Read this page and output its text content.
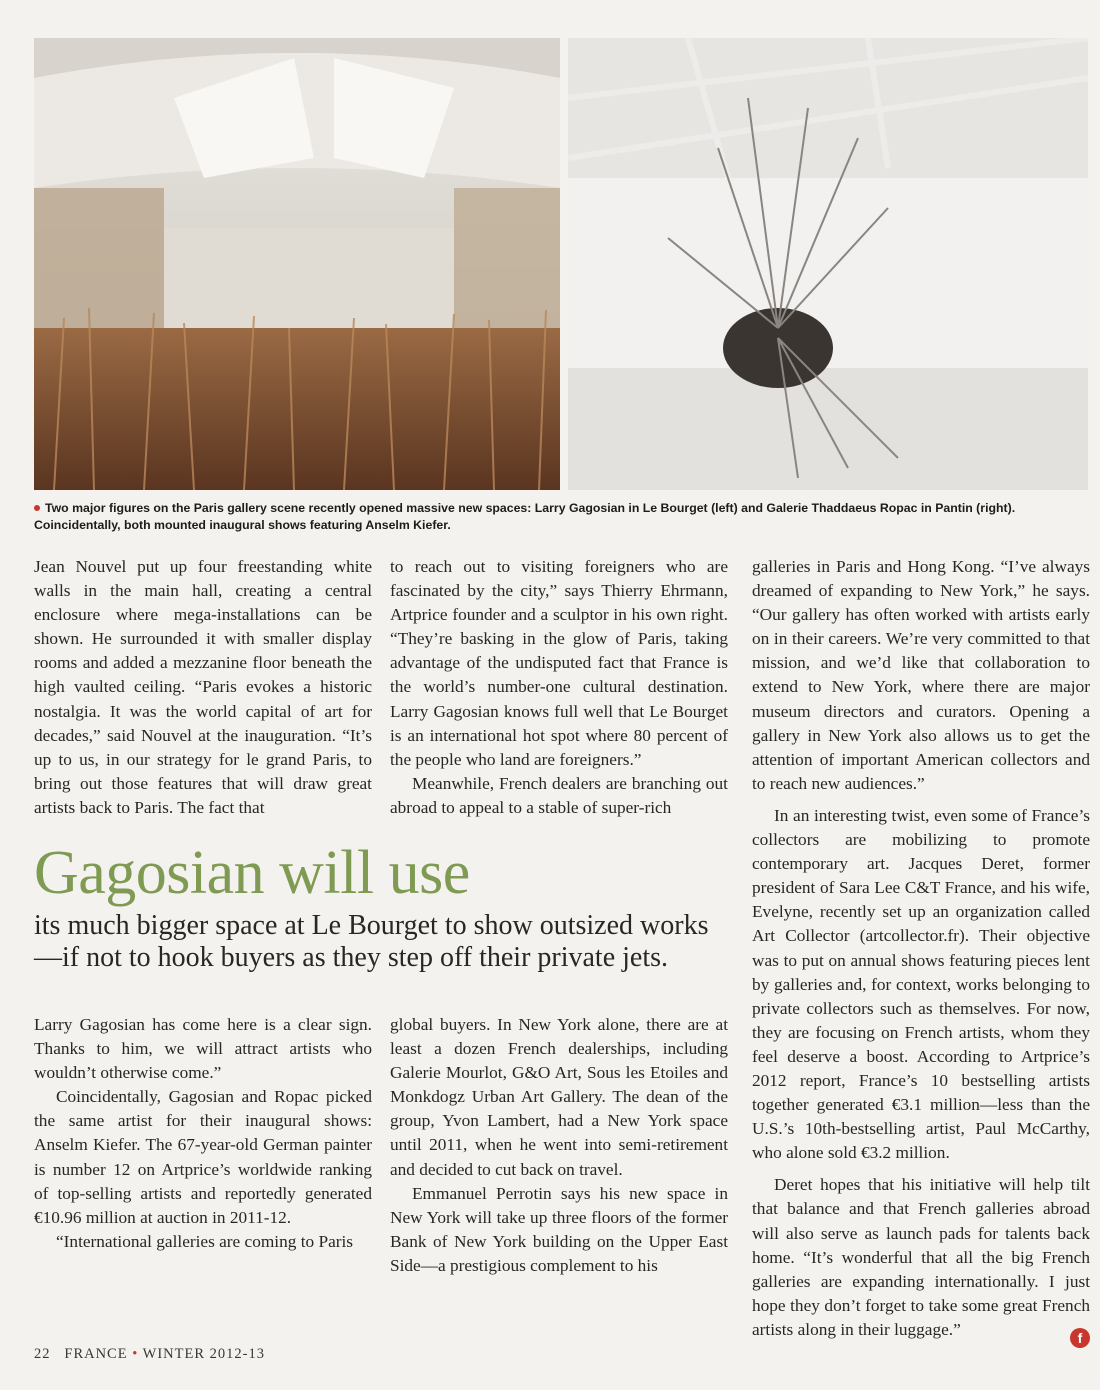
Two major figures on the Paris gallery scene recently opened massive new spaces: Larry Gagosian in Le Bourget (left) and Galerie Thaddaeus Ropac in Pantin (right). Coincidentally, both mounted inaugural shows featuring Anselm Kiefer.

Jean Nouvel put up four freestanding white walls in the main hall, creating a central enclosure where mega-installations can be shown. He surrounded it with smaller display rooms and added a mezzanine floor beneath the high vaulted ceiling. “Paris evokes a historic nostalgia. It was the world capital of art for decades,” said Nouvel at the inauguration. “It’s up to us, in our strategy for le grand Paris, to bring out those features that will draw great artists back to Paris. The fact that

Gagosian will use
its much bigger space at Le Bourget to show outsized works—if not to hook buyers as they step off their private jets.

Larry Gagosian has come here is a clear sign. Thanks to him, we will attract artists who wouldn’t otherwise come.”

Coincidentally, Gagosian and Ropac picked the same artist for their inaugural shows: Anselm Kiefer. The 67-year-old German painter is number 12 on Artprice’s worldwide ranking of top-selling artists and reportedly generated €10.96 million at auction in 2011-12.

“International galleries are coming to Paris

to reach out to visiting foreigners who are fascinated by the city,” says Thierry Ehrmann, Artprice founder and a sculptor in his own right. “They’re basking in the glow of Paris, taking advantage of the undisputed fact that France is the world’s number-one cultural destination. Larry Gagosian knows full well that Le Bourget is an international hot spot where 80 percent of the people who land are foreigners.”

Meanwhile, French dealers are branching out abroad to appeal to a stable of super-rich

global buyers. In New York alone, there are at least a dozen French dealerships, including Galerie Mourlot, G&O Art, Sous les Etoiles and Monkdogz Urban Art Gallery. The dean of the group, Yvon Lambert, had a New York space until 2011, when he went into semi-retirement and decided to cut back on travel.

Emmanuel Perrotin says his new space in New York will take up three floors of the former Bank of New York building on the Upper East Side—a prestigious complement to his

galleries in Paris and Hong Kong. “I’ve always dreamed of expanding to New York,” he says. “Our gallery has often worked with artists early on in their careers. We’re very committed to that mission, and we’d like that collaboration to extend to New York, where there are major museum directors and curators. Opening a gallery in New York also allows us to get the attention of important American collectors and to reach new audiences.”

In an interesting twist, even some of France’s collectors are mobilizing to promote contemporary art. Jacques Deret, former president of Sara Lee C&T France, and his wife, Evelyne, recently set up an organization called Art Collector (artcollector.fr). Their objective was to put on annual shows featuring pieces lent by galleries and, for context, works belonging to private collectors such as themselves. For now, they are focusing on French artists, whom they feel deserve a boost. According to Artprice’s 2012 report, France’s 10 bestselling artists together generated €3.1 million—less than the U.S.’s 10th-bestselling artist, Paul McCarthy, who alone sold €3.2 million.

Deret hopes that his initiative will help tilt that balance and that French galleries abroad will also serve as launch pads for talents back home. “It’s wonderful that all the big French galleries are expanding internationally. I just hope they don’t forget to take some great French artists along in their luggage.”

22 FRANCE • WINTER 2012-13
f
